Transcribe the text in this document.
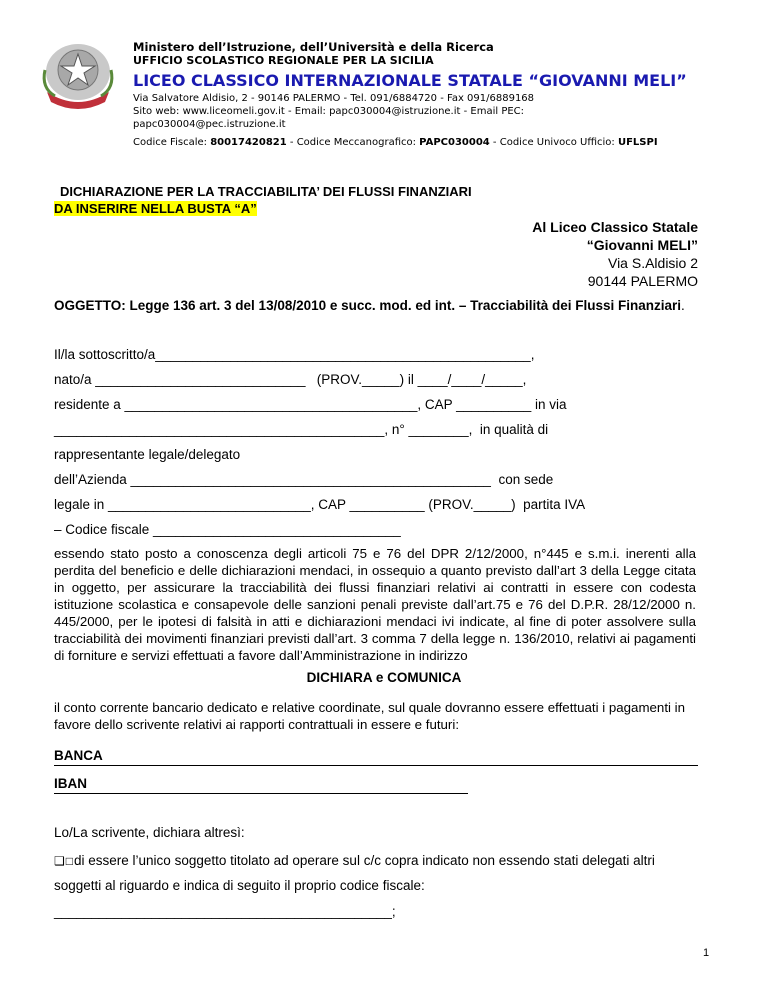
Ministero dell’Istruzione, dell’Università e della Ricerca
UFFICIO SCOLASTICO REGIONALE PER LA SICILIA
LICEO CLASSICO INTERNAZIONALE STATALE “GIOVANNI MELI”
Via Salvatore Aldisio, 2 - 90146 PALERMO - Tel. 091/6884720 - Fax 091/6889168
Sito web: www.liceomeli.gov.it - Email: papc030004@istruzione.it - Email PEC:
papc030004@pec.istruzione.it
Codice Fiscale: 80017420821 - Codice Meccanografico: PAPC030004 - Codice Univoco Ufficio: UFLSPI
DICHIARAZIONE PER LA TRACCIABILITA’ DEI FLUSSI FINANZIARI
DA INSERIRE NELLA BUSTA “A”
Al Liceo Classico Statale
“Giovanni MELI”
Via S.Aldisio 2
90144 PALERMO
OGGETTO: Legge 136 art. 3 del 13/08/2010 e succ. mod. ed int. – Tracciabilità dei Flussi Finanziari.
Il/la sottoscritto/a__________________________________________________,
nato/a ____________________________   (PROV._____) il ____/____/_____,
residente a _______________________________________, CAP __________ in via
____________________________________________, n° ________,  in qualità di
rappresentante legale/delegato
dell’Azienda ________________________________________________  con sede
legale in ___________________________, CAP __________ (PROV._____)  partita IVA
– Codice fiscale _________________________________
essendo stato posto a conoscenza degli articoli 75 e 76 del DPR 2/12/2000, n°445 e s.m.i. inerenti alla perdita del beneficio e delle dichiarazioni mendaci, in ossequio a quanto previsto dall’art 3 della Legge citata in oggetto, per assicurare la tracciabilità dei flussi finanziari relativi ai contratti in essere con codesta istituzione scolastica e consapevole delle sanzioni penali previste dall’art.75 e 76 del D.P.R. 28/12/2000 n. 445/2000, per le ipotesi di falsità in atti e dichiarazioni mendaci ivi indicate, al fine di poter assolvere sulla tracciabilità dei movimenti finanziari previsti dall’art. 3 comma 7 della legge n. 136/2010, relativi ai pagamenti di forniture e servizi effettuati a favore dall’Amministrazione in indirizzo
DICHIARA e COMUNICA
il conto corrente bancario dedicato e relative coordinate, sul quale dovranno essere effettuati i pagamenti in favore dello scrivente relativi ai rapporti contrattuali in essere e futuri:
BANCA
IBAN
Lo/La scrivente, dichiara altresì:
❑□di essere l’unico soggetto titolato ad operare sul c/c copra indicato non essendo stati delegati altri
soggetti al riguardo e indica di seguito il proprio codice fiscale:
_____________________________________________;
1
